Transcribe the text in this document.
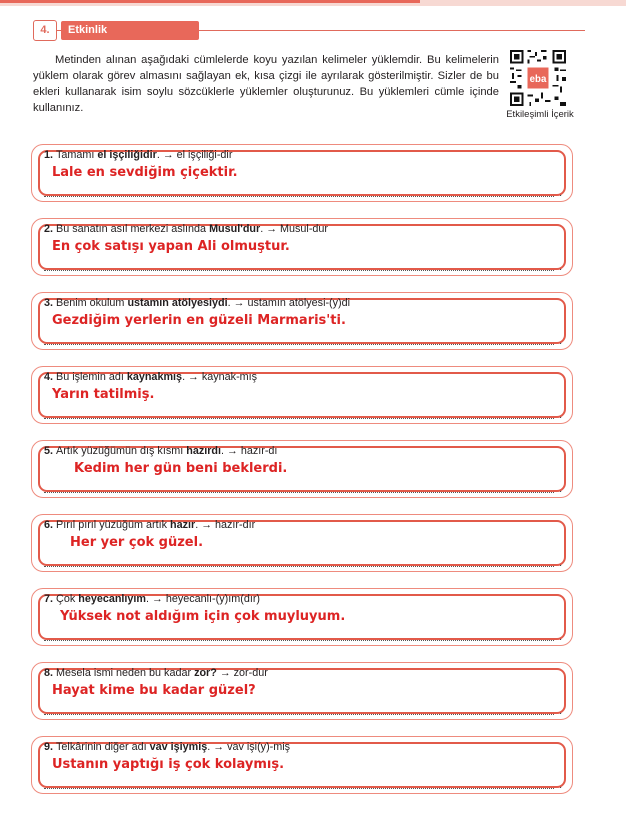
4.	Etkinlik

Metinden alınan aşağıdaki cümlelerde koyu yazılan kelimeler yüklemdir. Bu kelimelerin yüklem olarak görev almasını sağlayan ek, kısa çizgi ile ayrılarak gösterilmiştir. Sizler de bu ekleri kullanarak isim soylu sözcüklerle yüklemler oluşturunuz. Bu yüklemleri cümle içinde kullanınız.

eba
Etkileşimli İçerik
1. Tamamı el işçiliğidir. → el işçiliği-dir
Lale en sevdiğim çiçektir.
.
2. Bu sanatın asıl merkezi aslında Musul'dur. → Musul-dur
En çok satışı yapan Ali olmuştur.
.
3. Benim okulum ustamın atölyesiydi. → ustamın atölyesi-(y)di
Gezdiğim yerlerin en güzeli Marmaris'ti.
.
4. Bu işlemin adı kaynakmış. → kaynak-mış
Yarın tatilmiş.
.
5. Artık yüzüğümün dış kısmı hazırdı. → hazır-dı
Kedim her gün beni beklerdi.
.
6. Pırıl pırıl yüzüğüm artık hazır. → hazır-dır
Her yer çok güzel.
.
7. Çok heyecanlıyım. → heyecanlı-(y)ım(dır)
Yüksek not aldığım için çok muyluyum.
.
8. Mesela ismi neden bu kadar zor? → zor-dur
Hayat kime bu kadar güzel?
.
9. Telkârinin diğer adı vav işiymiş. → vav işi(y)-miş
Ustanın yaptığı iş çok kolaymış.
.
